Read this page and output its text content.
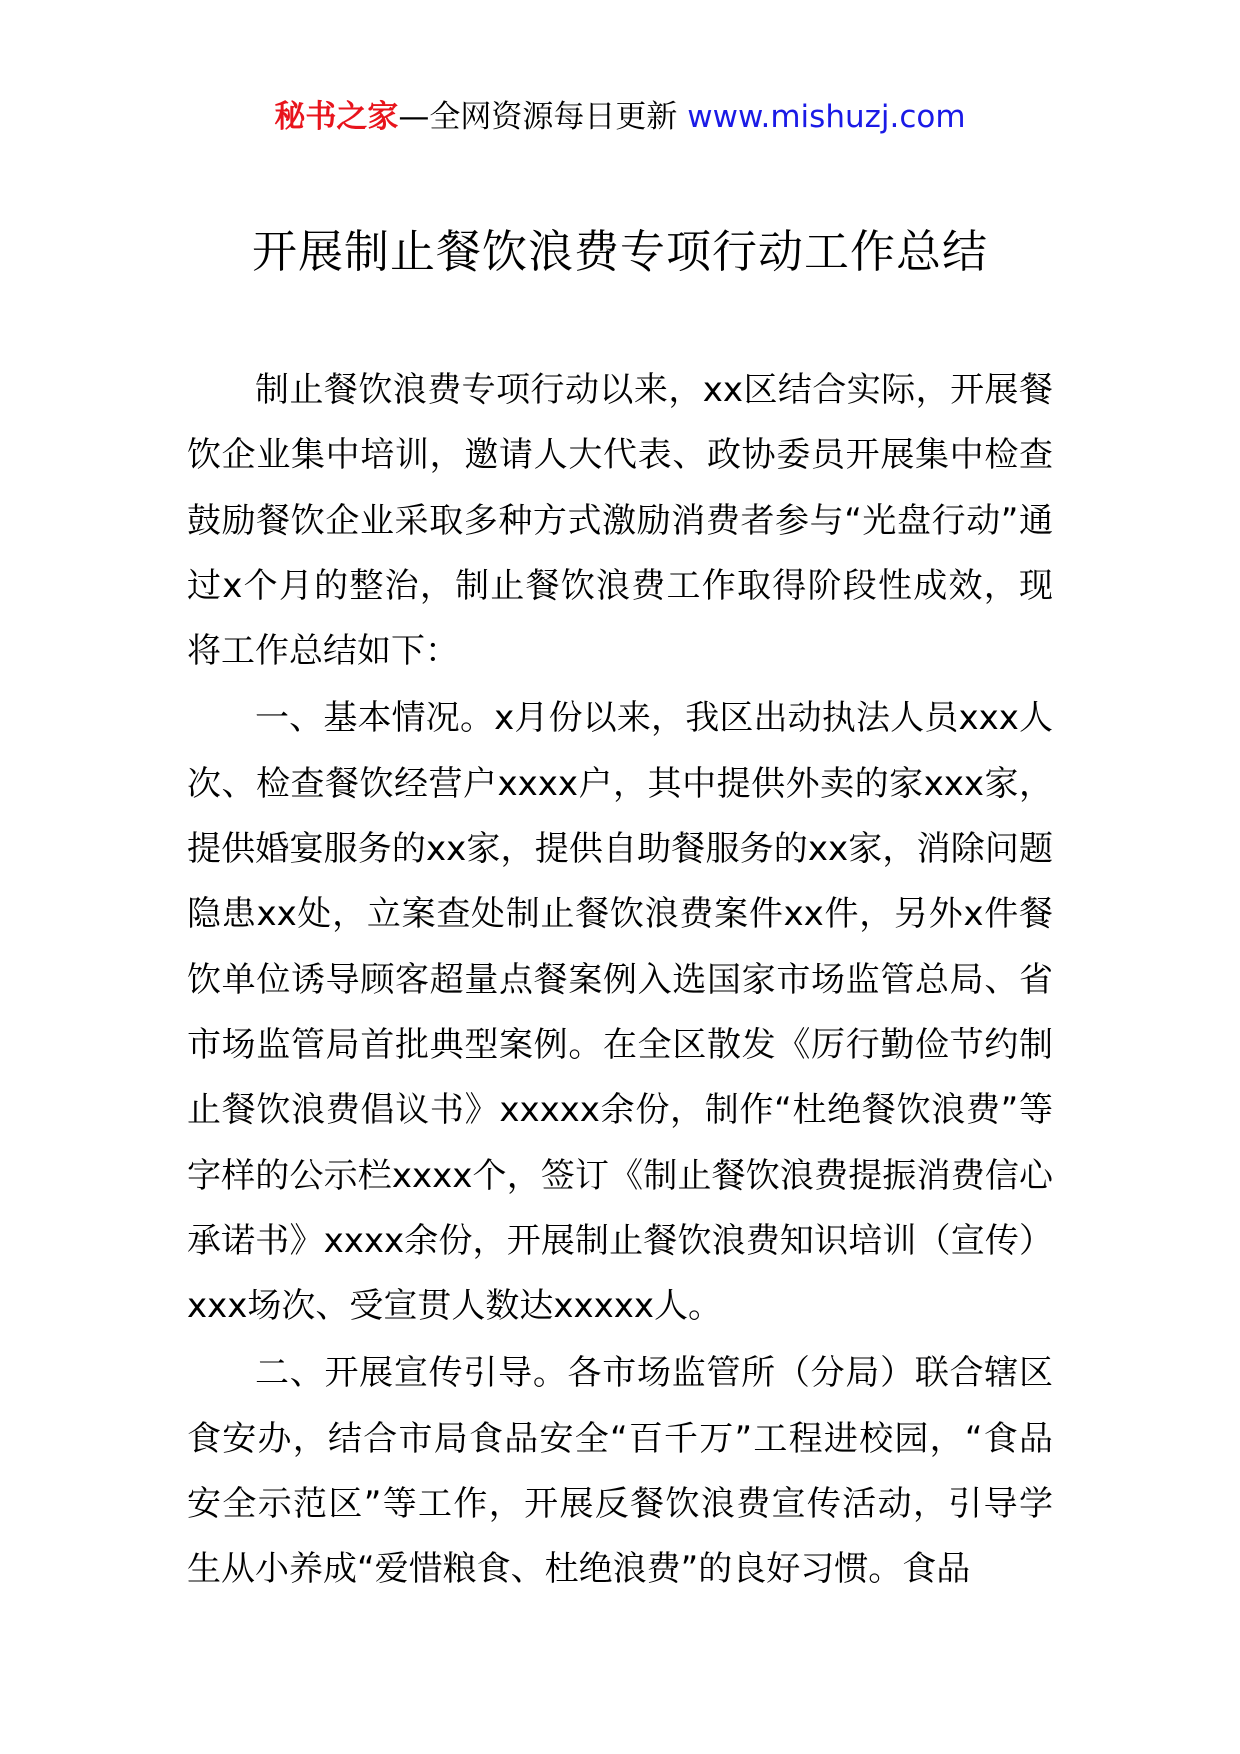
秘书之家—全网资源每日更新 www.mishuzj.com
开展制止餐饮浪费专项行动工作总结

制止餐饮浪费专项行动以来，xx区结合实际，开展餐饮企业集中培训，邀请人大代表、政协委员开展集中检查鼓励餐饮企业采取多种方式激励消费者参与“光盘行动”通过x个月的整治，制止餐饮浪费工作取得阶段性成效，现将工作总结如下：

一、基本情况。x月份以来，我区出动执法人员xxx人次、检查餐饮经营户xxxx户，其中提供外卖的家xxx家，提供婚宴服务的xx家，提供自助餐服务的xx家，消除问题隐患xx处，立案查处制止餐饮浪费案件xx件，另外x件餐饮单位诱导顾客超量点餐案例入选国家市场监管总局、省市场监管局首批典型案例。在全区散发《厉行勤俭节约制止餐饮浪费倡议书》xxxxx余份，制作“杜绝餐饮浪费”等字样的公示栏xxxx个，签订《制止餐饮浪费提振消费信心承诺书》xxxx余份，开展制止餐饮浪费知识培训（宣传）xxx场次、受宣贯人数达xxxxx人。

二、开展宣传引导。各市场监管所（分局）联合辖区食安办，结合市局食品安全“百千万”工程进校园，“食品安全示范区”等工作，开展反餐饮浪费宣传活动，引导学生从小养成“爱惜粮食、杜绝浪费”的良好习惯。食品
